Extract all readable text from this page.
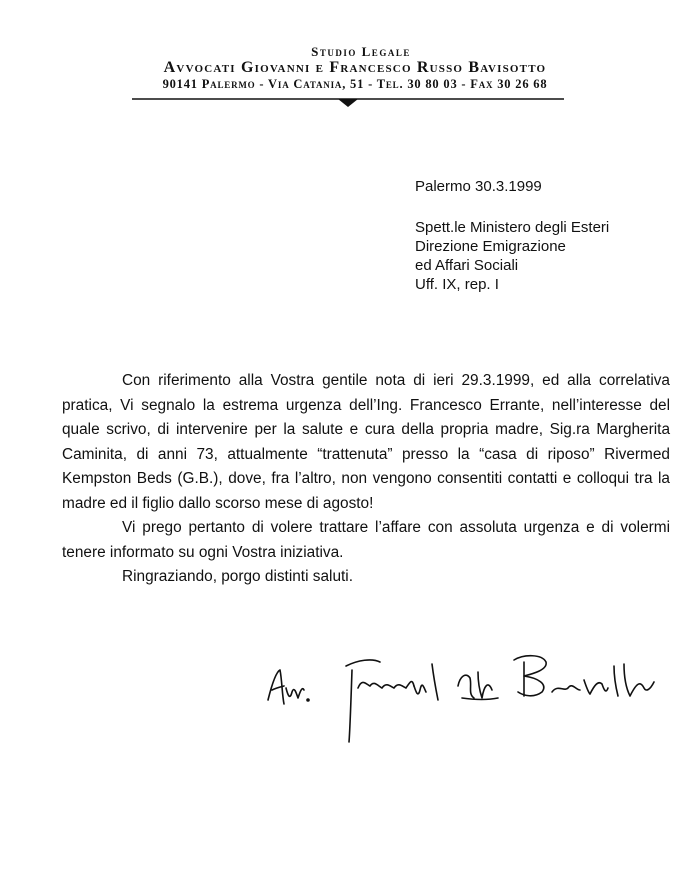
Studio Legale
Avvocati Giovanni e Francesco Russo Bavisotto
90141 Palermo - Via Catania, 51 - Tel. 30 80 03 - Fax 30 26 68
Palermo 30.3.1999
Spett.le Ministero degli Esteri
Direzione Emigrazione
ed Affari Sociali
Uff. IX, rep. I

Con riferimento alla Vostra gentile nota di ieri 29.3.1999, ed alla correlativa pratica, Vi segnalo la estrema urgenza dell’Ing. Francesco Errante, nell’interesse del quale scrivo, di intervenire per la salute e cura della propria madre, Sig.ra Margherita Caminita, di anni 73, attualmente “trattenuta” presso la “casa di riposo” Rivermed Kempston Beds (G.B.), dove, fra l’altro, non vengono consentiti contatti e colloqui tra la madre ed il figlio dallo scorso mese di agosto!

Vi prego pertanto di volere trattare l’affare con assoluta urgenza e di volermi tenere informato su ogni Vostra iniziativa.

Ringraziando, porgo distinti saluti.
